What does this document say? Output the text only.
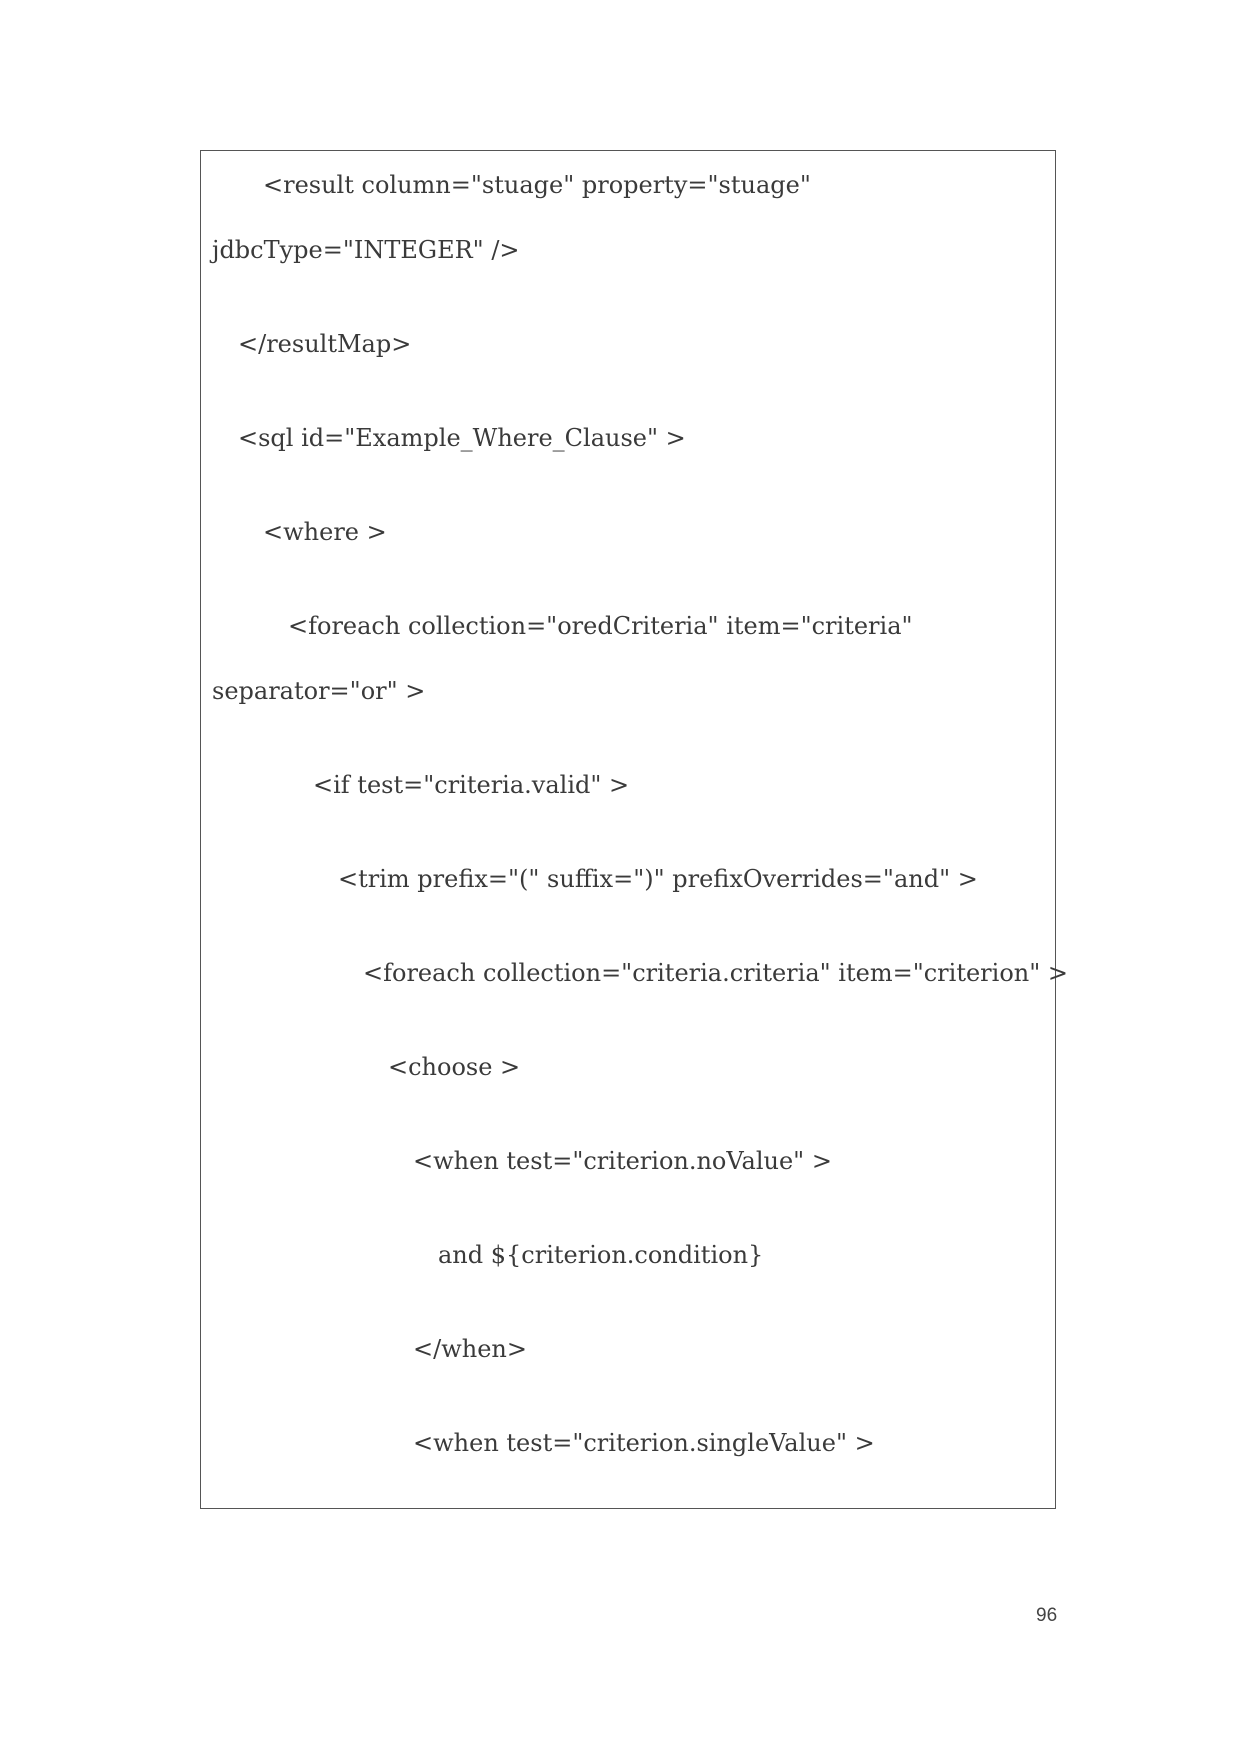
<result column="stuage" property="stuage"
jdbcType="INTEGER" />
</resultMap>
<sql id="Example_Where_Clause" >
<where >
<foreach collection="oredCriteria" item="criteria"
separator="or" >
<if test="criteria.valid" >
<trim prefix="(" suffix=")" prefixOverrides="and" >
<foreach collection="criteria.criteria" item="criterion" >
<choose >
<when test="criterion.noValue" >
and ${criterion.condition}
</when>
<when test="criterion.singleValue" >
96
